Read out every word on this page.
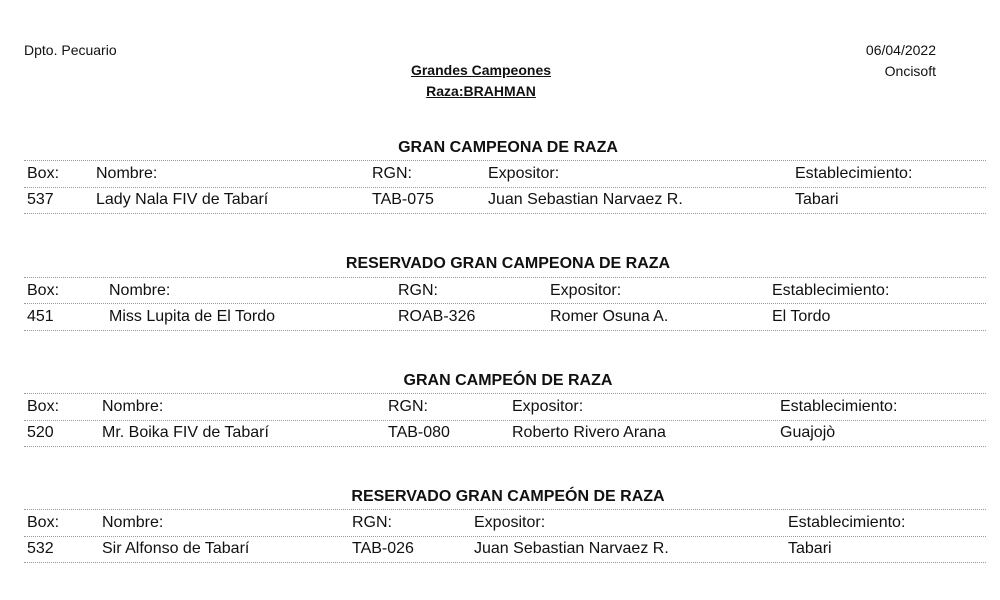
Dpto. Pecuario	06/04/2022
Oncisoft
Grandes Campeones
Raza:BRAHMAN
GRAN CAMPEONA DE RAZA
Box: Nombre:	RGN:	Expositor:	Establecimiento:
537	Lady Nala FIV de Tabarí	TAB-075	Juan Sebastian Narvaez R.	Tabari
RESERVADO GRAN CAMPEONA DE RAZA
Box:	Nombre:	RGN:	Expositor:	Establecimiento:
451	Miss Lupita de El Tordo	ROAB-326	Romer Osuna A.	El Tordo
GRAN CAMPEÓN DE RAZA
Box:	Nombre:	RGN:	Expositor:	Establecimiento:
520	Mr. Boika FIV de Tabarí	TAB-080	Roberto Rivero Arana	Guajojò
RESERVADO GRAN CAMPEÓN DE RAZA
Box:	Nombre:	RGN:	Expositor:	Establecimiento:
532	Sir Alfonso de Tabarí	TAB-026	Juan Sebastian Narvaez R.	Tabari
